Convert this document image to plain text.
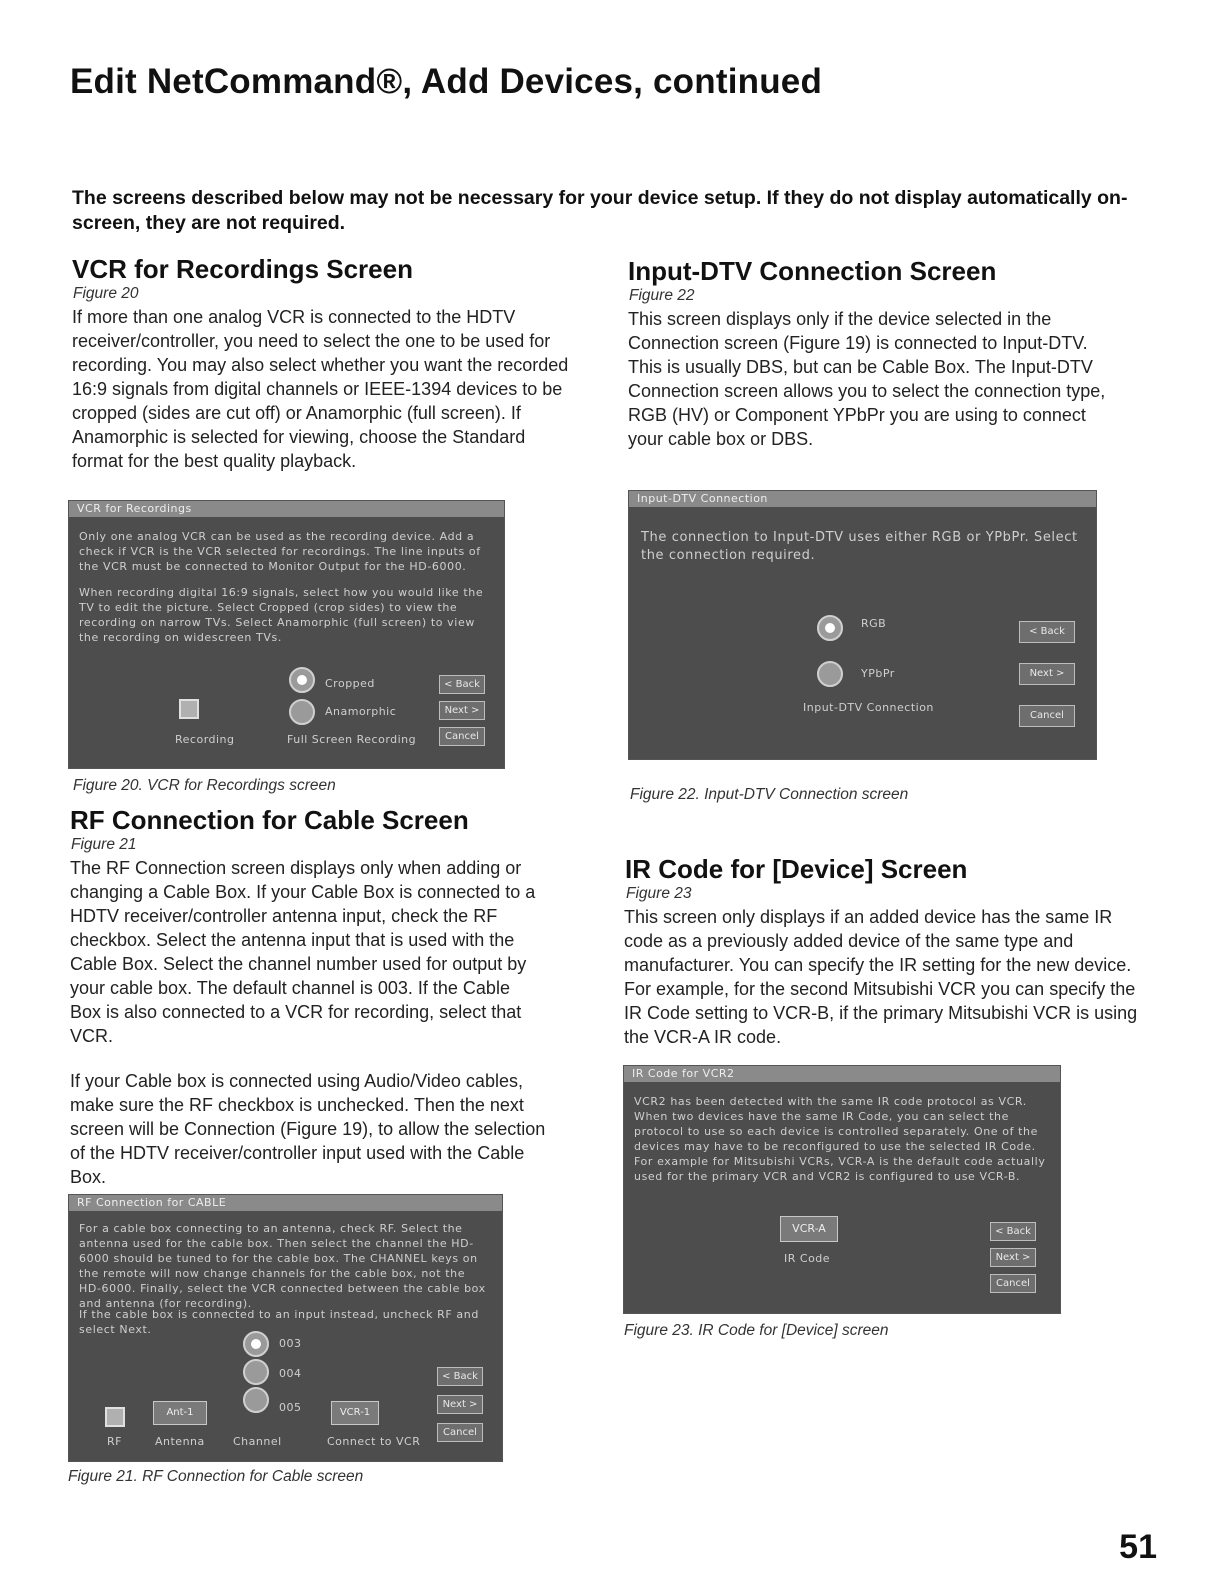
Edit NetCommand®, Add Devices, continued

The screens described below may not be necessary for your device setup. If they do not display automatically on-screen, they are not required.

VCR for Recordings Screen

Figure 20

If more than one analog VCR is connected to the HDTV receiver/controller, you need to select the one to be used for recording. You may also select whether you want the recorded 16:9 signals from digital channels or IEEE-1394 devices to be cropped (sides are cut off) or Anamorphic (full screen). If Anamorphic is selected for viewing, choose the Standard format for the best quality playback.

VCR for Recordings
Only one analog VCR can be used as the recording device. Add a check if VCR is the VCR selected for recordings. The line inputs of the VCR must be connected to Monitor Output for the HD-6000.
When recording digital 16:9 signals, select how you would like the TV to edit the picture. Select Cropped (crop sides) to view the recording on narrow TVs. Select Anamorphic (full screen) to view the recording on widescreen TVs.
Cropped
Anamorphic
Recording	Full Screen Recording
< Back
Next >
Cancel

Figure 20. VCR for Recordings screen

RF Connection for Cable Screen

Figure 21

The RF Connection screen displays only when adding or changing a Cable Box. If your Cable Box is connected to a HDTV receiver/controller antenna input, check the RF checkbox. Select the antenna input that is used with the Cable Box. Select the channel number used for output by your cable box. The default channel is 003. If the Cable Box is also connected to a VCR for recording, select that VCR.

If your Cable box is connected using Audio/Video cables, make sure the RF checkbox is unchecked. Then the next screen will be Connection (Figure 19), to allow the selection of the HDTV receiver/controller input used with the Cable Box.

RF Connection for CABLE
For a cable box connecting to an antenna, check RF. Select the antenna used for the cable box. Then select the channel the HD-6000 should be tuned to for the cable box. The CHANNEL keys on the remote will now change channels for the cable box, not the HD-6000. Finally, select the VCR connected between the cable box and antenna (for recording).
If the cable box is connected to an input instead, uncheck RF and select Next.
003
004
005
Ant-1	VCR-1
RF	Antenna	Channel	Connect to VCR
< Back
Next >
Cancel

Figure 21. RF Connection for Cable screen

Input-DTV Connection Screen

Figure 22

This screen displays only if the device selected in the Connection screen (Figure 19) is connected to Input-DTV. This is usually DBS, but can be Cable Box. The Input-DTV Connection screen allows you to select the connection type, RGB (HV) or Component YPbPr you are using to connect your cable box or DBS.

Input-DTV Connection
The connection to Input-DTV uses either RGB or YPbPr. Select the connection required.
RGB
YPbPr
Input-DTV Connection
< Back
Next >
Cancel

Figure 22. Input-DTV Connection screen

IR Code for [Device] Screen

Figure 23

This screen only displays if an added device has the same IR code as a previously added device of the same type and manufacturer. You can specify the IR setting for the new device. For example, for the second Mitsubishi VCR you can specify the IR Code setting to VCR-B, if the primary Mitsubishi VCR is using the VCR-A IR code.

IR Code for VCR2
VCR2 has been detected with the same IR code protocol as VCR. When two devices have the same IR Code, you can select the protocol to use so each device is controlled separately. One of the devices may have to be reconfigured to use the selected IR Code. For example for Mitsubishi VCRs, VCR-A is the default code actually used for the primary VCR and VCR2 is configured to use VCR-B.
VCR-A
IR Code
< Back
Next >
Cancel

Figure 23. IR Code for [Device] screen

51
